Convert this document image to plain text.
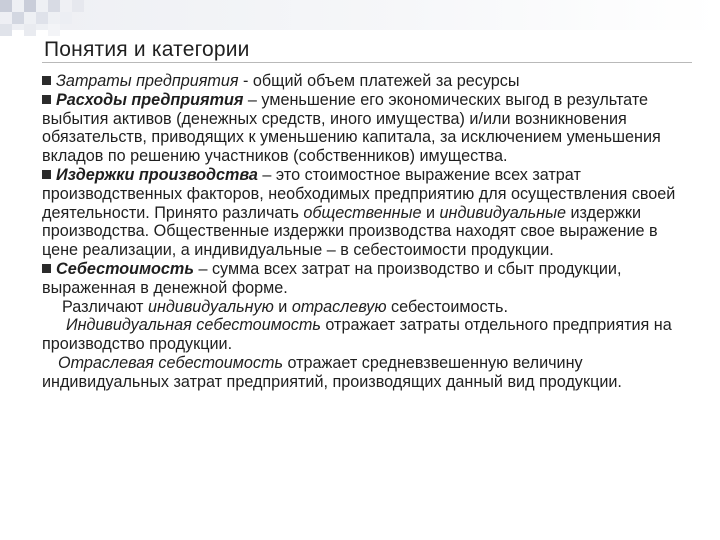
Понятия и категории

Затраты предприятия - общий объем платежей за ресурсы

Расходы предприятия – уменьшение его экономических выгод в результате выбытия активов (денежных средств, иного имущества) и/или возникновения обязательств, приводящих к уменьшению капитала, за исключением уменьшения вкладов по решению участников (собственников) имущества.

Издержки производства – это стоимостное выражение всех затрат производственных факторов, необходимых предприятию для осуществления своей деятельности. Принято различать общественные и индивидуальные издержки производства. Общественные издержки производства находят свое выражение в цене реализации, а индивидуальные – в себестоимости продукции.

Себестоимость – сумма всех затрат на производство и сбыт продукции, выраженная в денежной форме.

Различают индивидуальную и отраслевую себестоимость.

Индивидуальная себестоимость отражает затраты отдельного предприятия на производство продукции.

Отраслевая себестоимость отражает средневзвешенную величину индивидуальных затрат предприятий, производящих данный вид продукции.
